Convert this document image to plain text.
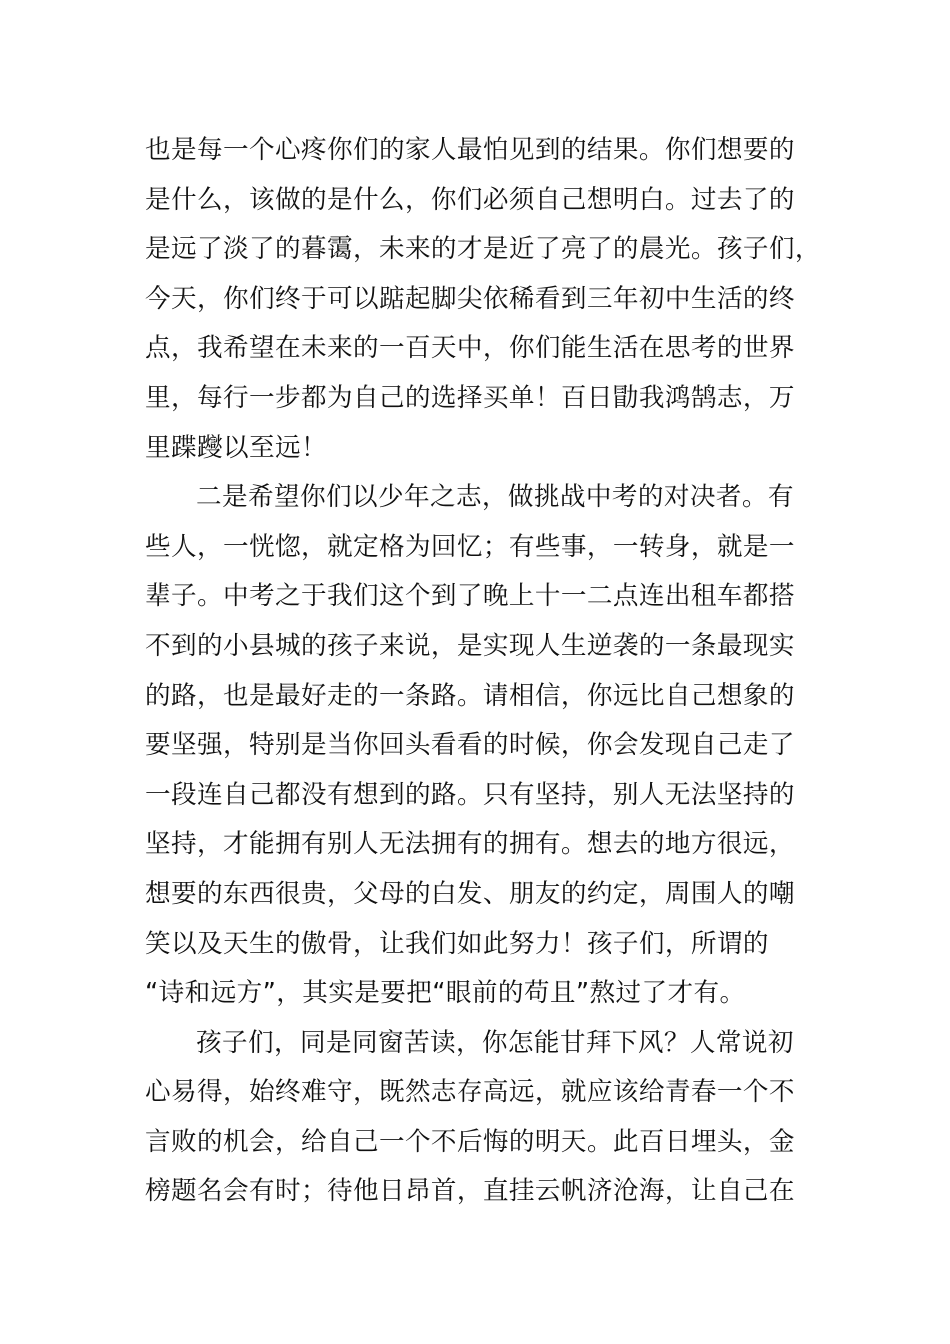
也是每一个心疼你们的家人最怕见到的结果。你们想要的
是什么，该做的是什么，你们必须自己想明白。过去了的
是远了淡了的暮霭，未来的才是近了亮了的晨光。孩子们，
今天，你们终于可以踮起脚尖依稀看到三年初中生活的终
点，我希望在未来的一百天中，你们能生活在思考的世界
里，每行一步都为自己的选择买单！百日勖我鸿鹄志，万
里蹀躞以至远！
二是希望你们以少年之志，做挑战中考的对决者。有
些人，一恍惚，就定格为回忆；有些事，一转身，就是一
辈子。中考之于我们这个到了晚上十一二点连出租车都搭
不到的小县城的孩子来说，是实现人生逆袭的一条最现实
的路，也是最好走的一条路。请相信，你远比自己想象的
要坚强，特别是当你回头看看的时候，你会发现自己走了
一段连自己都没有想到的路。只有坚持，别人无法坚持的
坚持，才能拥有别人无法拥有的拥有。想去的地方很远，
想要的东西很贵，父母的白发、朋友的约定，周围人的嘲
笑以及天生的傲骨，让我们如此努力！孩子们，所谓的
“诗和远方”，其实是要把“眼前的苟且”熬过了才有。
孩子们，同是同窗苦读，你怎能甘拜下风？人常说初
心易得，始终难守，既然志存高远，就应该给青春一个不
言败的机会，给自己一个不后悔的明天。此百日埋头，金
榜题名会有时；待他日昂首，直挂云帆济沧海，让自己在
